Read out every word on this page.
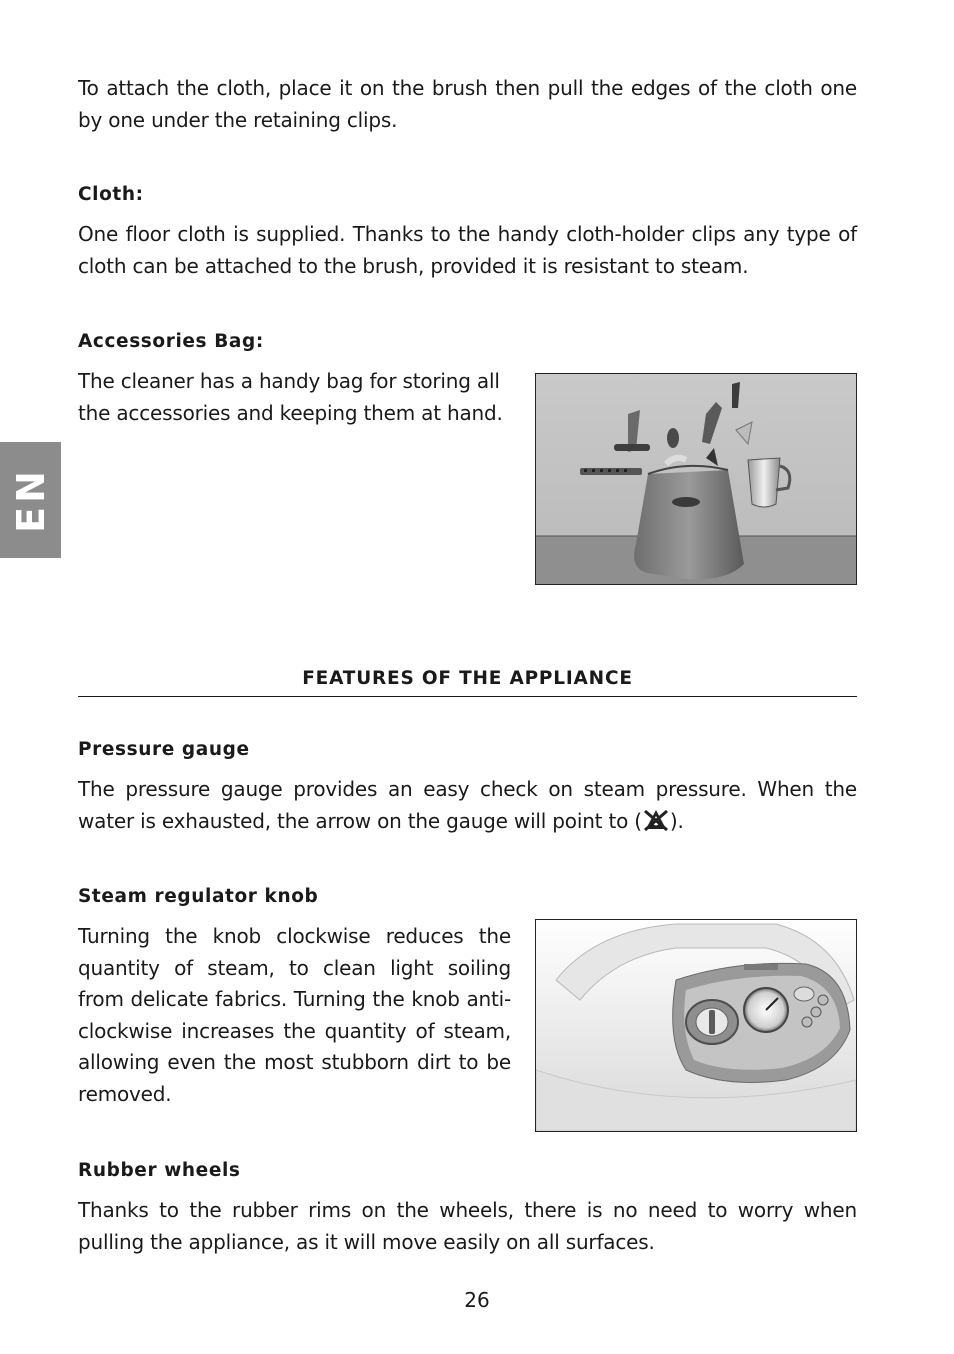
EN

To attach the cloth, place it on the brush then pull the edges of the cloth one by one under the retaining clips.

Cloth:

One floor cloth is supplied. Thanks to the handy cloth-holder clips any type of cloth can be attached to the brush, provided it is resistant to steam.

Accessories Bag:

The cleaner has a handy bag for storing all the accessories and keeping them at hand.

FEATURES OF THE APPLIANCE
Pressure gauge

The pressure gauge provides an easy check on steam pressure. When the water is exhausted, the arrow on the gauge will point to ( ).

Steam regulator knob

Turning the knob clockwise reduces the quantity of steam, to clean light soiling from delicate fabrics. Turning the knob anti-clockwise increases the quantity of steam, allowing even the most stubborn dirt to be removed.

Rubber wheels

Thanks to the rubber rims on the wheels, there is no need to worry when pulling the appliance, as it will move easily on all surfaces.

26
